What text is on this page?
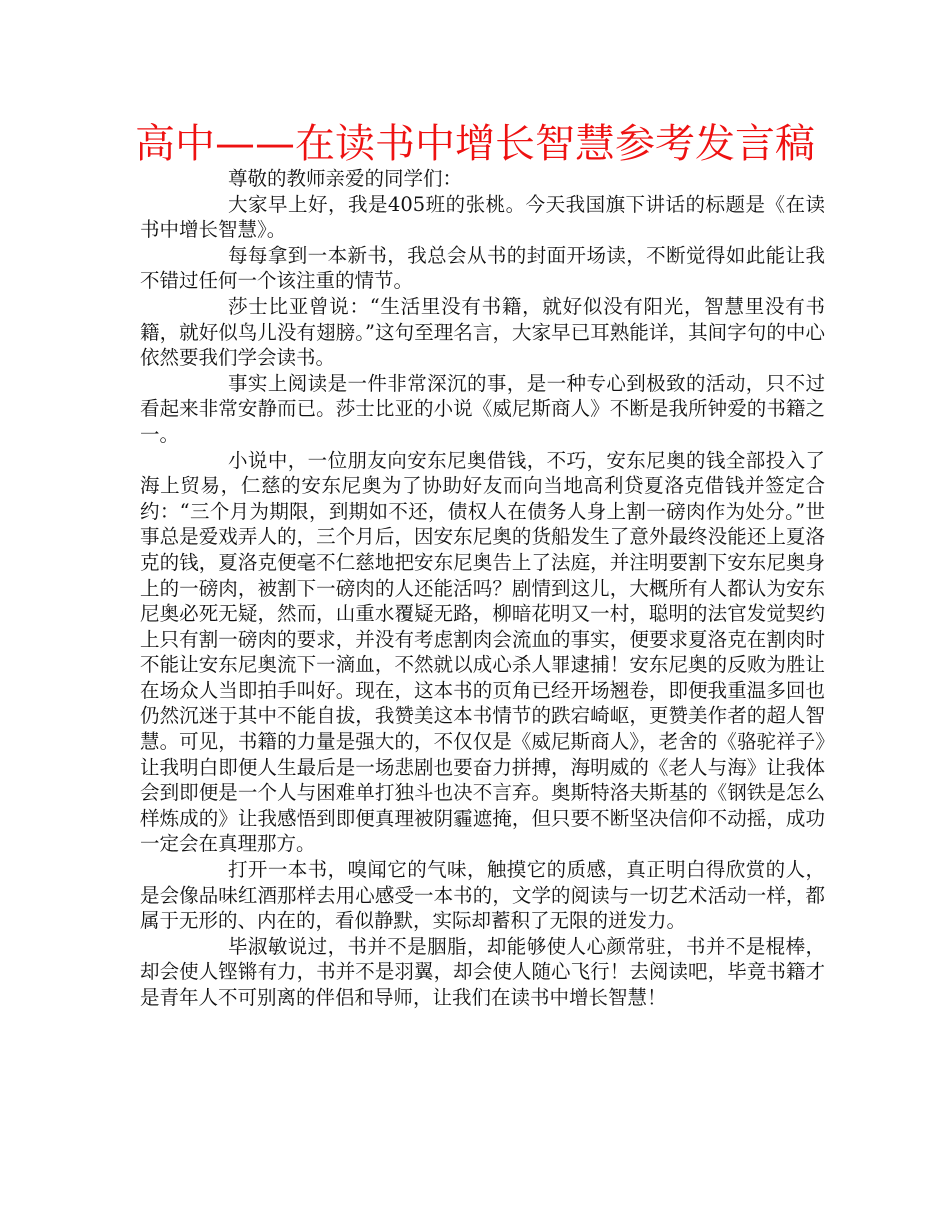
高中——在读书中增长智慧参考发言稿

尊敬的教师亲爱的同学们：

大家早上好，我是405班的张桃。今天我国旗下讲话的标题是《在读书中增长智慧》。

每每拿到一本新书，我总会从书的封面开场读，不断觉得如此能让我不错过任何一个该注重的情节。

莎士比亚曾说：“生活里没有书籍，就好似没有阳光，智慧里没有书籍，就好似鸟儿没有翅膀。”这句至理名言，大家早已耳熟能详，其间字句的中心依然要我们学会读书。

事实上阅读是一件非常深沉的事，是一种专心到极致的活动，只不过看起来非常安静而已。莎士比亚的小说《威尼斯商人》不断是我所钟爱的书籍之一。

小说中，一位朋友向安东尼奥借钱，不巧，安东尼奥的钱全部投入了海上贸易，仁慈的安东尼奥为了协助好友而向当地高利贷夏洛克借钱并签定合约：“三个月为期限，到期如不还，债权人在债务人身上割一磅肉作为处分。”世事总是爱戏弄人的，三个月后，因安东尼奥的货船发生了意外最终没能还上夏洛克的钱，夏洛克便毫不仁慈地把安东尼奥告上了法庭，并注明要割下安东尼奥身上的一磅肉，被割下一磅肉的人还能活吗？剧情到这儿，大概所有人都认为安东尼奥必死无疑，然而，山重水覆疑无路，柳暗花明又一村，聪明的法官发觉契约上只有割一磅肉的要求，并没有考虑割肉会流血的事实，便要求夏洛克在割肉时不能让安东尼奥流下一滴血，不然就以成心杀人罪逮捕！安东尼奥的反败为胜让在场众人当即拍手叫好。现在，这本书的页角已经开场翘卷，即便我重温多回也仍然沉迷于其中不能自拔，我赞美这本书情节的跌宕崎岖，更赞美作者的超人智慧。可见，书籍的力量是强大的，不仅仅是《威尼斯商人》，老舍的《骆驼祥子》让我明白即便人生最后是一场悲剧也要奋力拼搏，海明威的《老人与海》让我体会到即便是一个人与困难单打独斗也决不言弃。奥斯特洛夫斯基的《钢铁是怎么样炼成的》让我感悟到即便真理被阴霾遮掩，但只要不断坚决信仰不动摇，成功一定会在真理那方。

打开一本书，嗅闻它的气味，触摸它的质感，真正明白得欣赏的人，是会像品味红酒那样去用心感受一本书的，文学的阅读与一切艺术活动一样，都属于无形的、内在的，看似静默，实际却蓄积了无限的迸发力。

毕淑敏说过，书并不是胭脂，却能够使人心颜常驻，书并不是棍棒，却会使人铿锵有力，书并不是羽翼，却会使人随心飞行！去阅读吧，毕竟书籍才是青年人不可别离的伴侣和导师，让我们在读书中增长智慧！
